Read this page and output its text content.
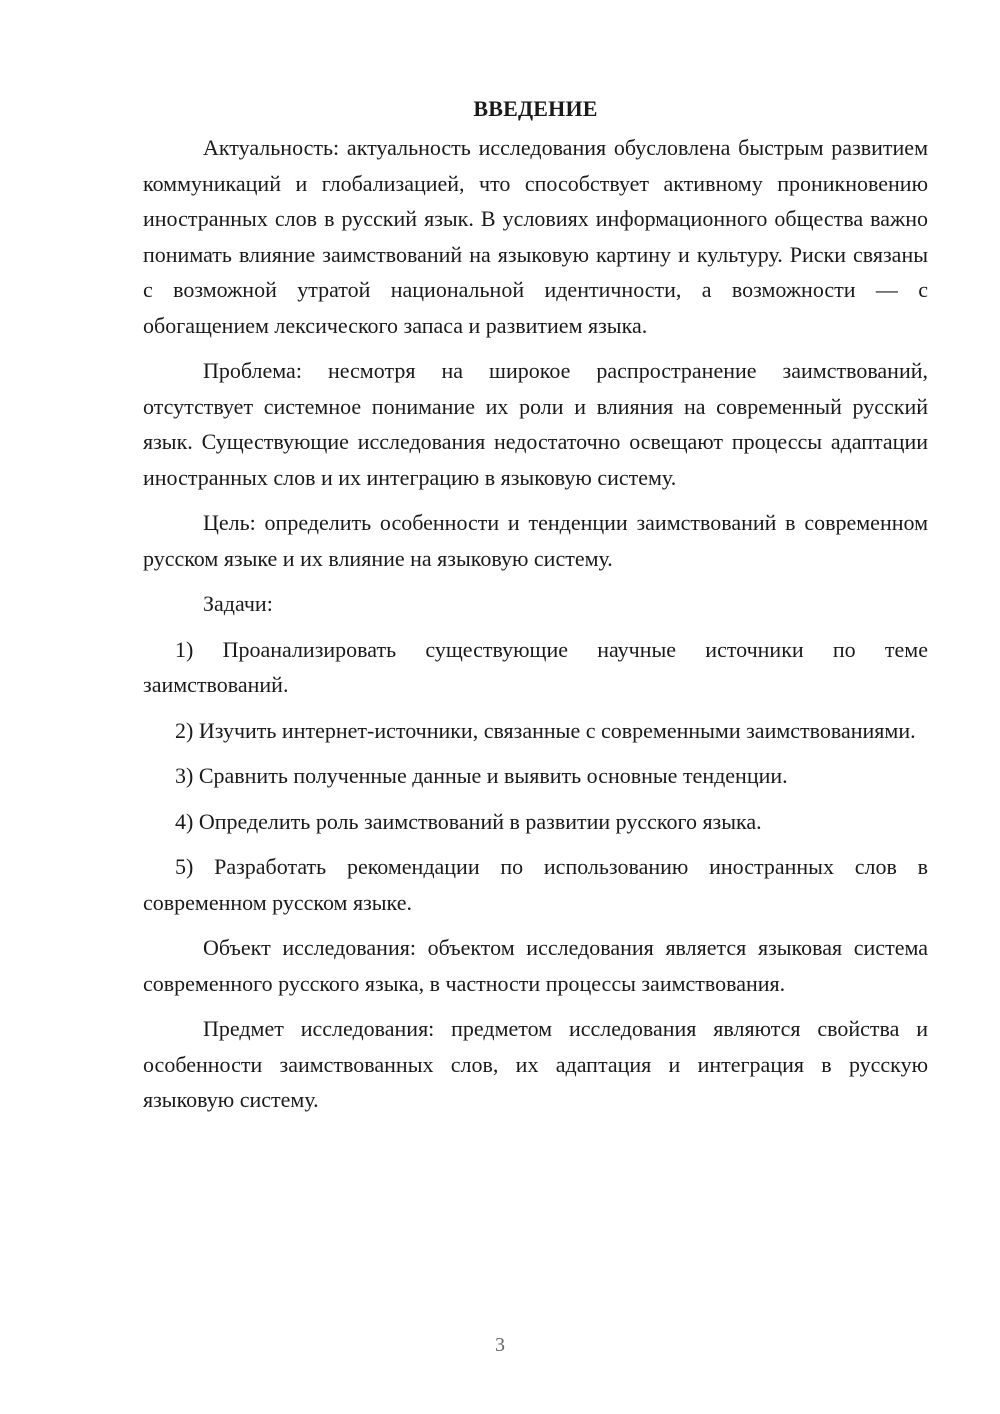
ВВЕДЕНИЕ

Актуальность: актуальность исследования обусловлена быстрым развитием коммуникаций и глобализацией, что способствует активному проникновению иностранных слов в русский язык. В условиях информационного общества важно понимать влияние заимствований на языковую картину и культуру. Риски связаны с возможной утратой национальной идентичности, а возможности — с обогащением лексического запаса и развитием языка.

Проблема: несмотря на широкое распространение заимствований, отсутствует системное понимание их роли и влияния на современный русский язык. Существующие исследования недостаточно освещают процессы адаптации иностранных слов и их интеграцию в языковую систему.

Цель: определить особенности и тенденции заимствований в современном русском языке и их влияние на языковую систему.

Задачи:

1) Проанализировать существующие научные источники по теме заимствований.

2) Изучить интернет-источники, связанные с современными заимствованиями.

3) Сравнить полученные данные и выявить основные тенденции.

4) Определить роль заимствований в развитии русского языка.

5) Разработать рекомендации по использованию иностранных слов в современном русском языке.

Объект исследования: объектом исследования является языковая система современного русского языка, в частности процессы заимствования.

Предмет исследования: предметом исследования являются свойства и особенности заимствованных слов, их адаптация и интеграция в русскую языковую систему.

3
